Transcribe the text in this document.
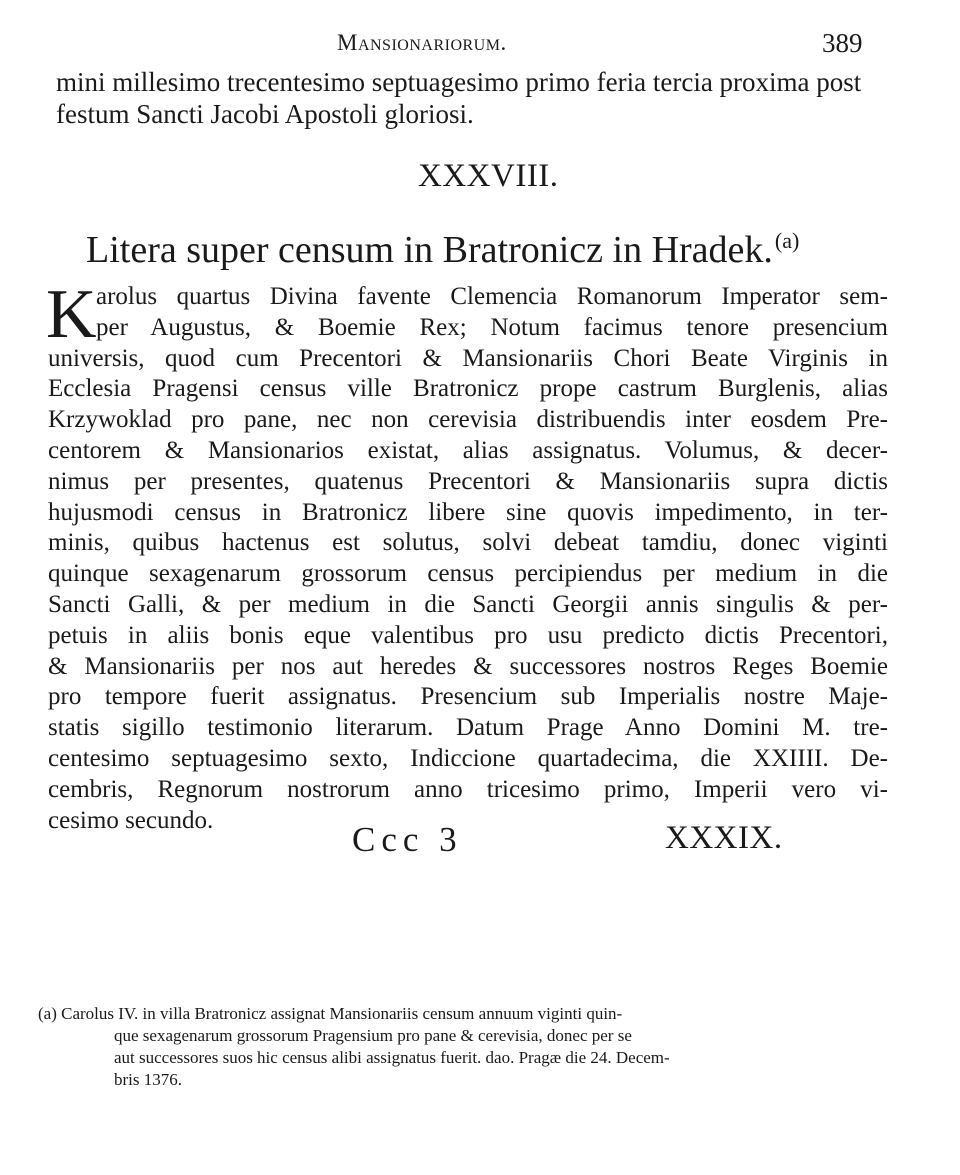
Mansionariorum.	389
mini millesimo trecentesimo septuagesimo primo feria tercia proxima post
festum Sancti Jacobi Apostoli gloriosi.
XXXVIII.
Litera super censum in Bratronicz in Hradek.$^{(a)}$
K arolus quartus Divina favente Clemencia Romanorum Imperator sem-
per Augustus, & Boemie Rex; Notum facimus tenore presencium
universis, quod cum Precentori & Mansionariis Chori Beate Virginis in
Ecclesia Pragensi census ville Bratronicz prope castrum Burglenis, alias
Krzywoklad pro pane, nec non cerevisia distribuendis inter eosdem Pre-
centorem & Mansionarios existat, alias assignatus. Volumus, & decer-
nimus per presentes, quatenus Precentori & Mansionariis supra dictis
hujusmodi census in Bratronicz libere sine quovis impedimento, in ter-
minis, quibus hactenus est solutus, solvi debeat tamdiu, donec viginti
quinque sexagenarum grossorum census percipiendus per medium in die
Sancti Galli, & per medium in die Sancti Georgii annis singulis & per-
petuis in aliis bonis eque valentibus pro usu predicto dictis Precentori,
& Mansionariis per nos aut heredes & successores nostros Reges Boemie
pro tempore fuerit assignatus. Presencium sub Imperialis nostre Maje-
statis sigillo testimonio literarum. Datum Prage Anno Domini M. tre-
centesimo septuagesimo sexto, Indiccione quartadecima, die XXIIII. De-
cembris, Regnorum nostrorum anno tricesimo primo, Imperii vero vi-
cesimo secundo.	Ccc 3	XXXIX.
(a) Carolus IV. in villa Bratronicz assignat Mansionariis censum annuum viginti quin-
que sexagenarum grossorum Pragensium pro pane & cerevisia, donec per se
aut successores suos hic census alibi assignatus fuerit. dao. Pragæ die 24. Decem-
bris 1376.
